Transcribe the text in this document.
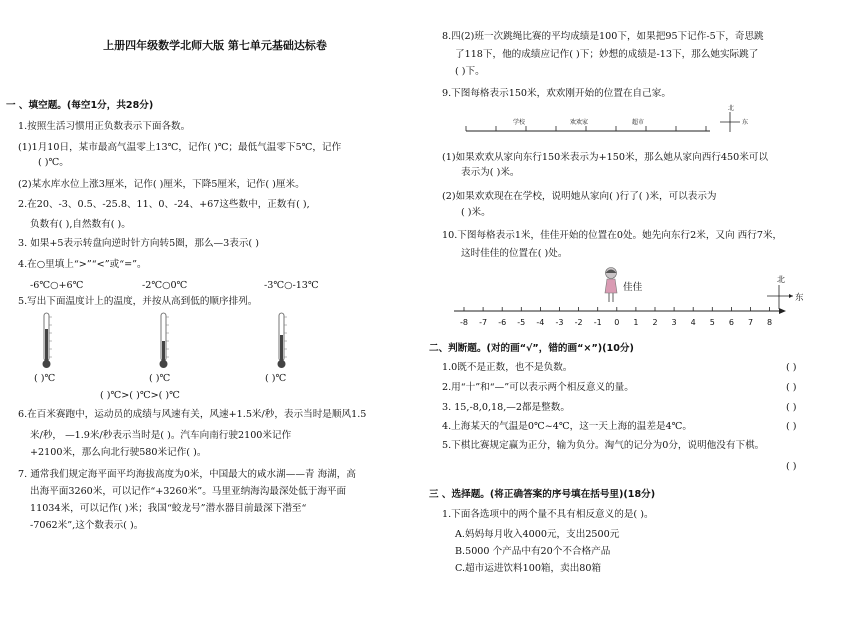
上册四年级数学北师大版 第七单元基础达标卷
一 、填空题。(每空1分，共28分)
1.按照生活习惯用正负数表示下面各数。
(1)1月10日，某市最高气温零上13℃，记作( )℃；最低气温零下5℃，记作
( )℃。
(2)某水库水位上涨3厘米，记作( )厘米，下降5厘米，记作( )厘米。
2.在20、-3、0.5、-25.8、11、0、-24、+67这些数中，正数有( ),
负数有( ),自然数有( )。
3. 如果+5表示转盘向逆时针方向转5圈，那么—3表示( )
4.在○里填上“>”“<”或“=”。
-6℃○+6℃	-2℃○0℃	-3℃○-13℃
5.写出下面温度计上的温度，并按从高到低的顺序排列。
( )℃	( )℃	( )℃
( )℃>( )℃>( )℃
6.在百米赛跑中，运动员的成绩与风速有关，风速+1.5米/秒，表示当时是顺风1.5
米/秒， —1.9米/秒表示当时是( )。汽车向南行驶2100米记作
+2100米，那么向北行驶580米记作( )。
7. 通常我们规定海平面平均海拔高度为0米，中国最大的咸水湖——青 海湖，高
出海平面3260米，可以记作“+3260米”。马里亚纳海沟最深处低于海平面
11034米，可以记作( )米；我国“蛟龙号”潜水器目前最深下潜至“
-7062米”,这个数表示( )。
8.四(2)班一次跳绳比赛的平均成绩是100下，如果把95下记作-5下，奇思跳
了118下，他的成绩应记作( )下；妙想的成绩是-13下，那么她实际跳了
( )下。
9.下图每格表示150米，欢欢刚开始的位置在自己家。
学校	欢欢家	超市
北
东
(1)如果欢欢从家向东行150米表示为+150米，那么她从家向西行450米可以
表示为( )米。
(2)如果欢欢现在在学校，说明她从家向( )行了( )米，可以表示为
( )米。
10.下图每格表示1米，佳佳开始的位置在0处。她先向东行2米，又向 西行7米，
这时佳佳的位置在( )处。
佳佳
北
东
-8 -7 -6 -5 -4 -3 -2 -1 0 1 2 3 4 5 6 7 8
二、判断题。(对的画“√”，错的画“×”)(10分)
1.0既不是正数，也不是负数。	( )
2.用“十”和“—”可以表示两个相反意义的量。	( )
3. 15,-8,0,18,—2都是整数。	( )
4.上海某天的气温是0℃~4℃，这一天上海的温差是4℃。	( )
5.下棋比赛规定赢为正分，输为负分。淘气的记分为0分，说明他没有下棋。
( )
三 、选择题。(将正确答案的序号填在括号里)(18分)
1.下面各选项中的两个量不具有相反意义的是( )。
A.妈妈每月收入4000元，支出2500元
B.5000 个产品中有20个不合格产品
C.超市运进饮料100箱，卖出80箱
